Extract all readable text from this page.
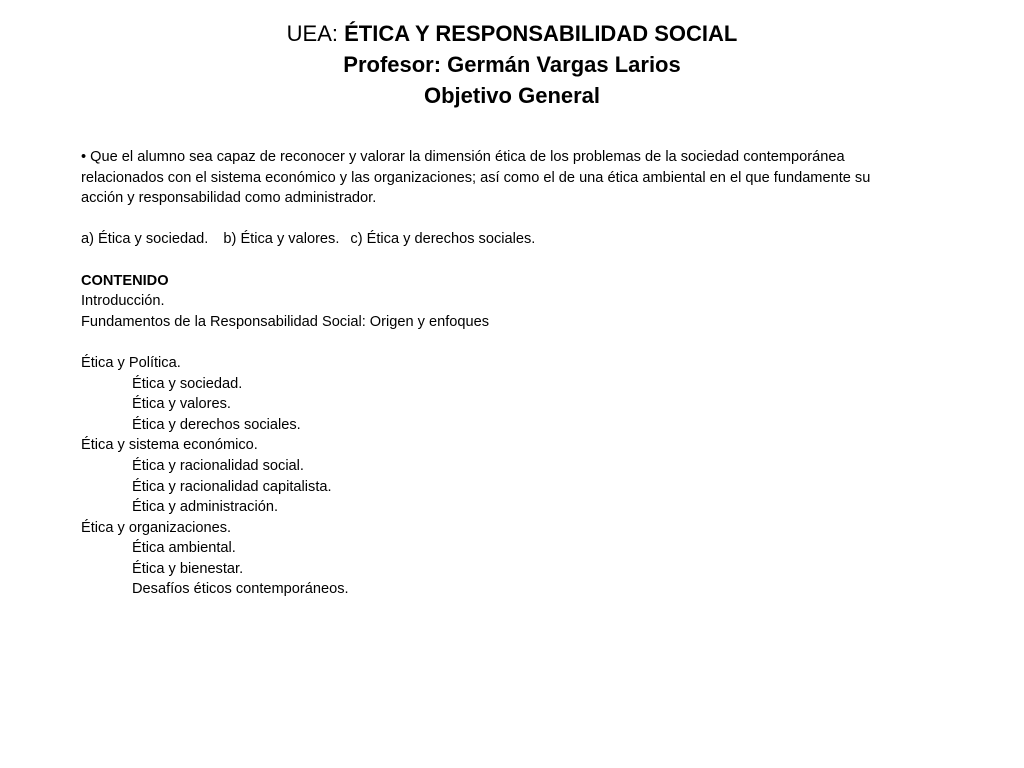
UEA: ÉTICA Y RESPONSABILIDAD SOCIAL
Profesor: Germán Vargas Larios
Objetivo General

• Que el alumno sea capaz de reconocer y valorar la dimensión ética de los problemas de la sociedad contemporánea relacionados con el sistema económico y las organizaciones; así como el de una ética ambiental en el que fundamente su acción y responsabilidad como administrador.

a) Ética y sociedad. b) Ética y valores. c) Ética y derechos sociales.
CONTENIDO
Introducción.
Fundamentos de la Responsabilidad Social: Origen y enfoques
Ética y Política.
Ética y sociedad.
Ética y valores.
Ética y derechos sociales.
Ética y sistema económico.
Ética y racionalidad social.
Ética y racionalidad capitalista.
Ética y administración.
Ética y organizaciones.
Ética ambiental.
Ética y bienestar.
Desafíos éticos contemporáneos.
